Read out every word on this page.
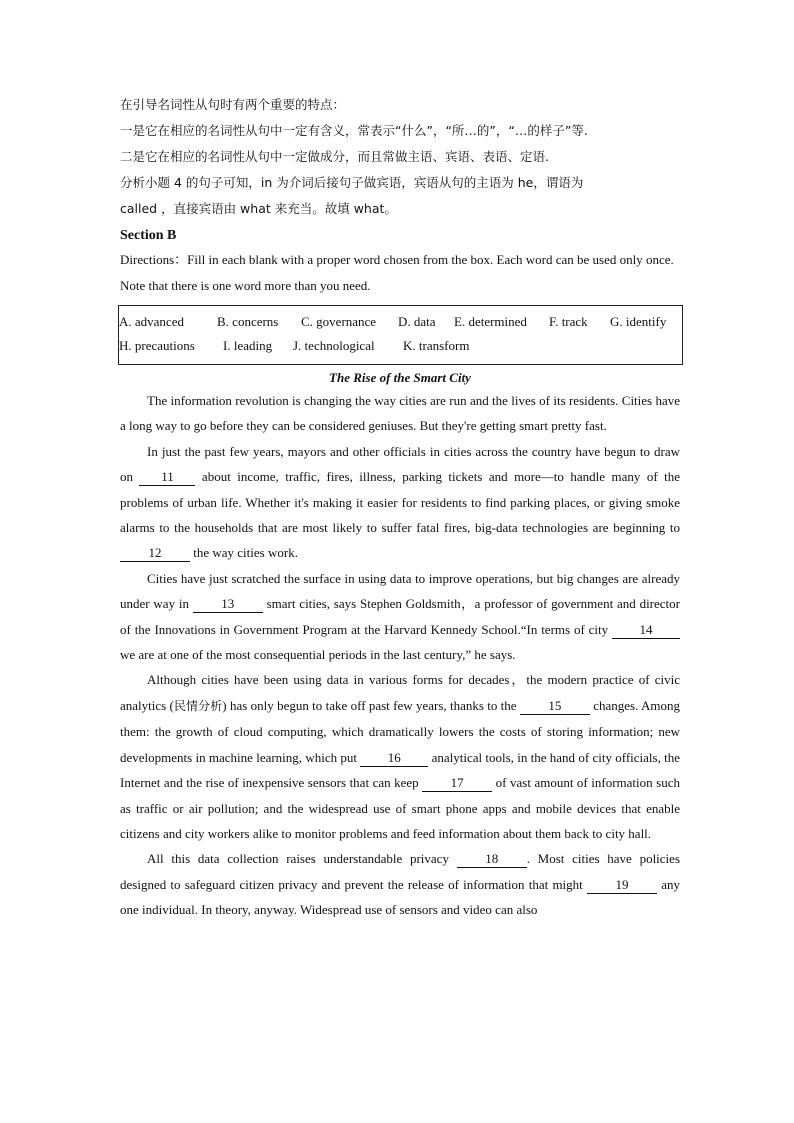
在引导名词性从句时有两个重要的特点：
一是它在相应的名词性从句中一定有含义，常表示“什么”，“所…的”，“…的样子”等.
二是它在相应的名词性从句中一定做成分，而且常做主语、宾语、表语、定语.
分析小题 4 的句子可知，in 为介词后接句子做宾语，宾语从句的主语为 he，谓语为
called ，直接宾语由 what 来充当。故填 what。
Section B
Directions：Fill in each blank with a proper word chosen from the box. Each word can be used only once. Note that there is one word more than you need.
A. advanced	B. concerns C. governance D. data E. determined F. track G. identify
H. precautions I. leading J. technological K. transform
The Rise of the Smart City
The information revolution is changing the way cities are run and the lives of its residents. Cities have a long way to go before they can be considered geniuses. But they're getting smart pretty fast.
In just the past few years, mayors and other officials in cities across the country have begun to draw on 11 about income, traffic, fires, illness, parking tickets and more—to handle many of the problems of urban life. Whether it's making it easier for residents to find parking places, or giving smoke alarms to the households that are most likely to suffer fatal fires, big-data technologies are beginning to 12 the way cities work.
Cities have just scratched the surface in using data to improve operations, but big changes are already under way in 13 smart cities, says Stephen Goldsmith，a professor of government and director of the Innovations in Government Program at the Harvard Kennedy School.“In terms of city 14 we are at one of the most consequential periods in the last century,” he says.
Although cities have been using data in various forms for decades，the modern practice of civic analytics (民情分析) has only begun to take off past few years, thanks to the 15 changes. Among them: the growth of cloud computing, which dramatically lowers the costs of storing information; new developments in machine learning, which put 16 analytical tools, in the hand of city officials, the Internet and the rise of inexpensive sensors that can keep 17 of vast amount of information such as traffic or air pollution; and the widespread use of smart phone apps and mobile devices that enable citizens and city workers alike to monitor problems and feed information about them back to city hall.
All this data collection raises understandable privacy 18 . Most cities have policies designed to safeguard citizen privacy and prevent the release of information that might 19 any one individual. In theory, anyway. Widespread use of sensors and video can also
